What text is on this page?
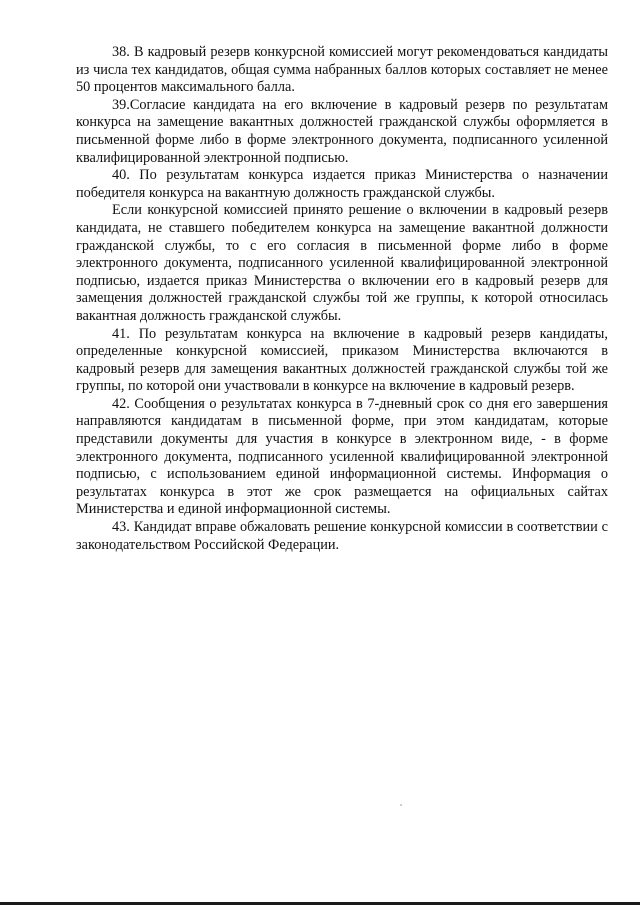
38. В кадровый резерв конкурсной комиссией могут рекомендоваться кандидаты из числа тех кандидатов, общая сумма набранных баллов которых составляет не менее 50 процентов максимального балла.

39.Согласие кандидата на его включение в кадровый резерв по результатам конкурса на замещение вакантных должностей гражданской службы оформляется в письменной форме либо в форме электронного документа, подписанного усиленной квалифицированной электронной подписью.

40. По результатам конкурса издается приказ Министерства о назначении победителя конкурса на вакантную должность гражданской службы.

Если конкурсной комиссией принято решение о включении в кадровый резерв кандидата, не ставшего победителем конкурса на замещение вакантной должности гражданской службы, то с его согласия в письменной форме либо в форме электронного документа, подписанного усиленной квалифицированной электронной подписью, издается приказ Министерства о включении его в кадровый резерв для замещения должностей гражданской службы той же группы, к которой относилась вакантная должность гражданской службы.

41. По результатам конкурса на включение в кадровый резерв кандидаты, определенные конкурсной комиссией, приказом Министерства включаются в кадровый резерв для замещения вакантных должностей гражданской службы той же группы, по которой они участвовали в конкурсе на включение в кадровый резерв.

42. Сообщения о результатах конкурса в 7-дневный срок со дня его завершения направляются кандидатам в письменной форме, при этом кандидатам, которые представили документы для участия в конкурсе в электронном виде, - в форме электронного документа, подписанного усиленной квалифицированной электронной подписью, с использованием единой информационной системы. Информация о результатах конкурса в этот же срок размещается на официальных сайтах Министерства и единой информационной системы.

43. Кандидат вправе обжаловать решение конкурсной комиссии в соответствии с законодательством Российской Федерации.
